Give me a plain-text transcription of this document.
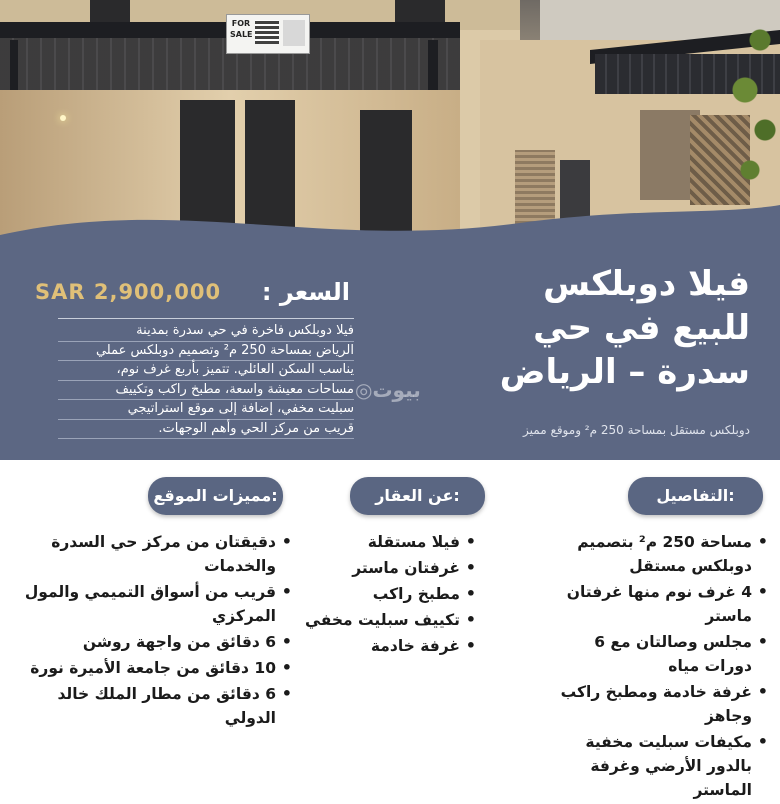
FOR
SALE
فيلا دوبلكس
للبيع في حي
سدرة – الرياض
دوبلكس مستقل بمساحة 250 م² وموقع مميز
السعر :
SAR 2,900,000
فيلا دوبلكس فاخرة في حي سدرة بمدينة
الرياض بمساحة 250 م² وتصميم دوبلكس عملي
يناسب السكن العائلي. تتميز بأربع غرف نوم،
مساحات معيشة واسعة، مطبخ راكب وتكييف
سبليت مخفي، إضافة إلى موقع استراتيجي
قريب من مركز الحي وأهم الوجهات.
بيوت◎
التفاصيل:
عن العقار:
مميزات الموقع:
• مساحة 250 م² بتصميم دوبلكس مستقل
• 4 غرف نوم منها غرفتان ماستر
• مجلس وصالتان مع 6 دورات مياه
• غرفة خادمة ومطبخ راكب وجاهز
• مكيفات سبليت مخفية بالدور الأرضي وغرفة الماستر
• فيلا مستقلة
• غرفتان ماستر
• مطبخ راكب
• تكييف سبليت مخفي
• غرفة خادمة
• دقيقتان من مركز حي السدرة والخدمات
• قريب من أسواق التميمي والمول المركزي
• 6 دقائق من واجهة روشن
• 10 دقائق من جامعة الأميرة نورة
• 6 دقائق من مطار الملك خالد الدولي
